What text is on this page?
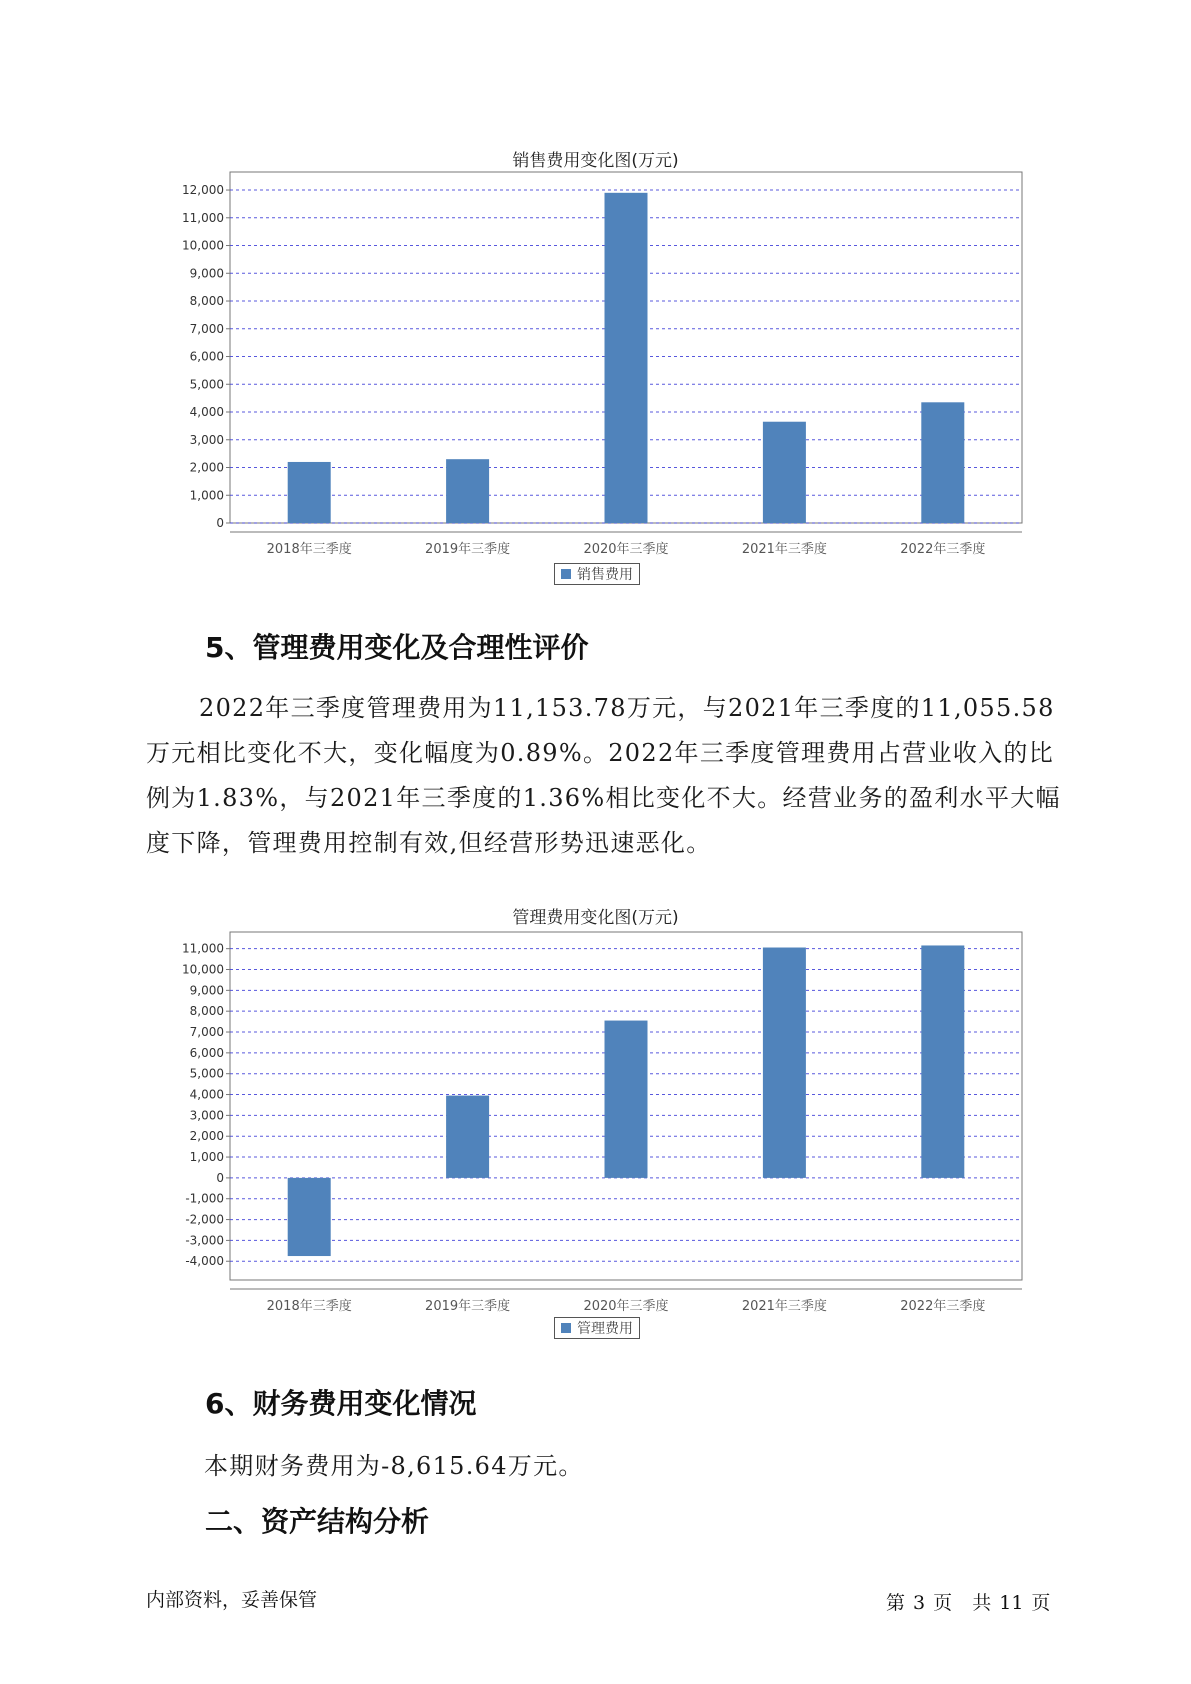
销售费用变化图(万元)
0
1,000
2,000
3,000
4,000
5,000
6,000
7,000
8,000
9,000
10,000
11,000
12,000
2018年三季度	2019年三季度	2020年三季度	2021年三季度	2022年三季度
销售费用
5、管理费用变化及合理性评价

2022年三季度管理费用为11,153.78万元，与2021年三季度的11,055.58万元相比变化不大，变化幅度为0.89%。2022年三季度管理费用占营业收入的比例为1.83%，与2021年三季度的1.36%相比变化不大。经营业务的盈利水平大幅度下降，管理费用控制有效,但经营形势迅速恶化。

管理费用变化图(万元)
-4,000
-3,000
-2,000
-1,000
0
1,000
2,000
3,000
4,000
5,000
6,000
7,000
8,000
9,000
10,000
11,000
2018年三季度	2019年三季度	2020年三季度	2021年三季度	2022年三季度
管理费用
6、财务费用变化情况

本期财务费用为-8,615.64万元。

二、资产结构分析
内部资料，妥善保管	第 3 页 共 11 页
